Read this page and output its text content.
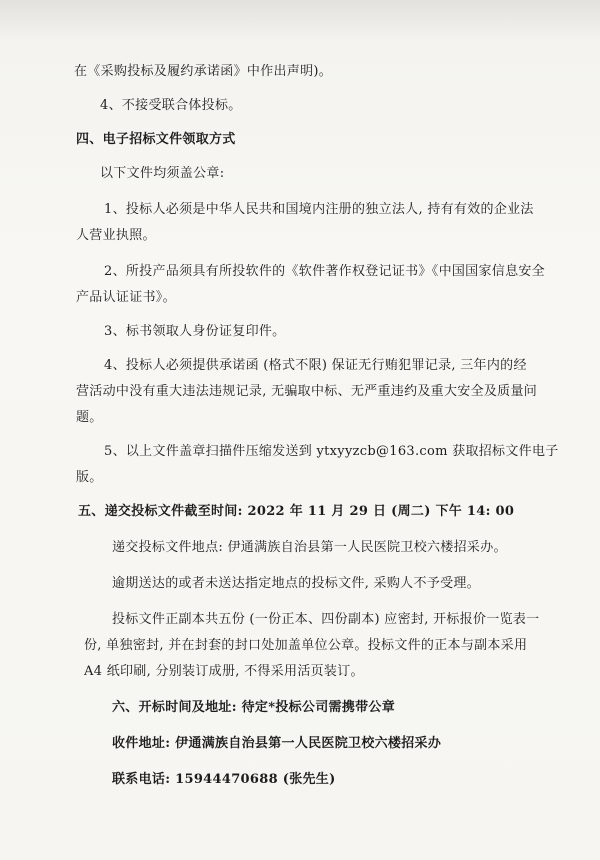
在《采购投标及履约承诺函》中作出声明)。
4、不接受联合体投标。
四、电子招标文件领取方式
以下文件均须盖公章:
1、投标人必须是中华人民共和国境内注册的独立法人, 持有有效的企业法
人营业执照。
2、所投产品须具有所投软件的《软件著作权登记证书》《中国国家信息安全
产品认证证书》。
3、标书领取人身份证复印件。
4、投标人必须提供承诺函 (格式不限) 保证无行贿犯罪记录, 三年内的经
营活动中没有重大违法违规记录, 无骗取中标、无严重违约及重大安全及质量问
题。
5、以上文件盖章扫描件压缩发送到 ytxyyzcb@163.com 获取招标文件电子
版。
五、递交投标文件截至时间: 2022 年 11 月 29 日 (周二) 下午 14: 00
递交投标文件地点: 伊通满族自治县第一人民医院卫校六楼招采办。
逾期送达的或者未送达指定地点的投标文件, 采购人不予受理。
投标文件正副本共五份 (一份正本、四份副本) 应密封, 开标报价一览表一
份, 单独密封, 并在封套的封口处加盖单位公章。投标文件的正本与副本采用
A4 纸印刷, 分别装订成册, 不得采用活页装订。
六、开标时间及地址: 待定*投标公司需携带公章
收件地址: 伊通满族自治县第一人民医院卫校六楼招采办
联系电话: 15944470688 (张先生)
